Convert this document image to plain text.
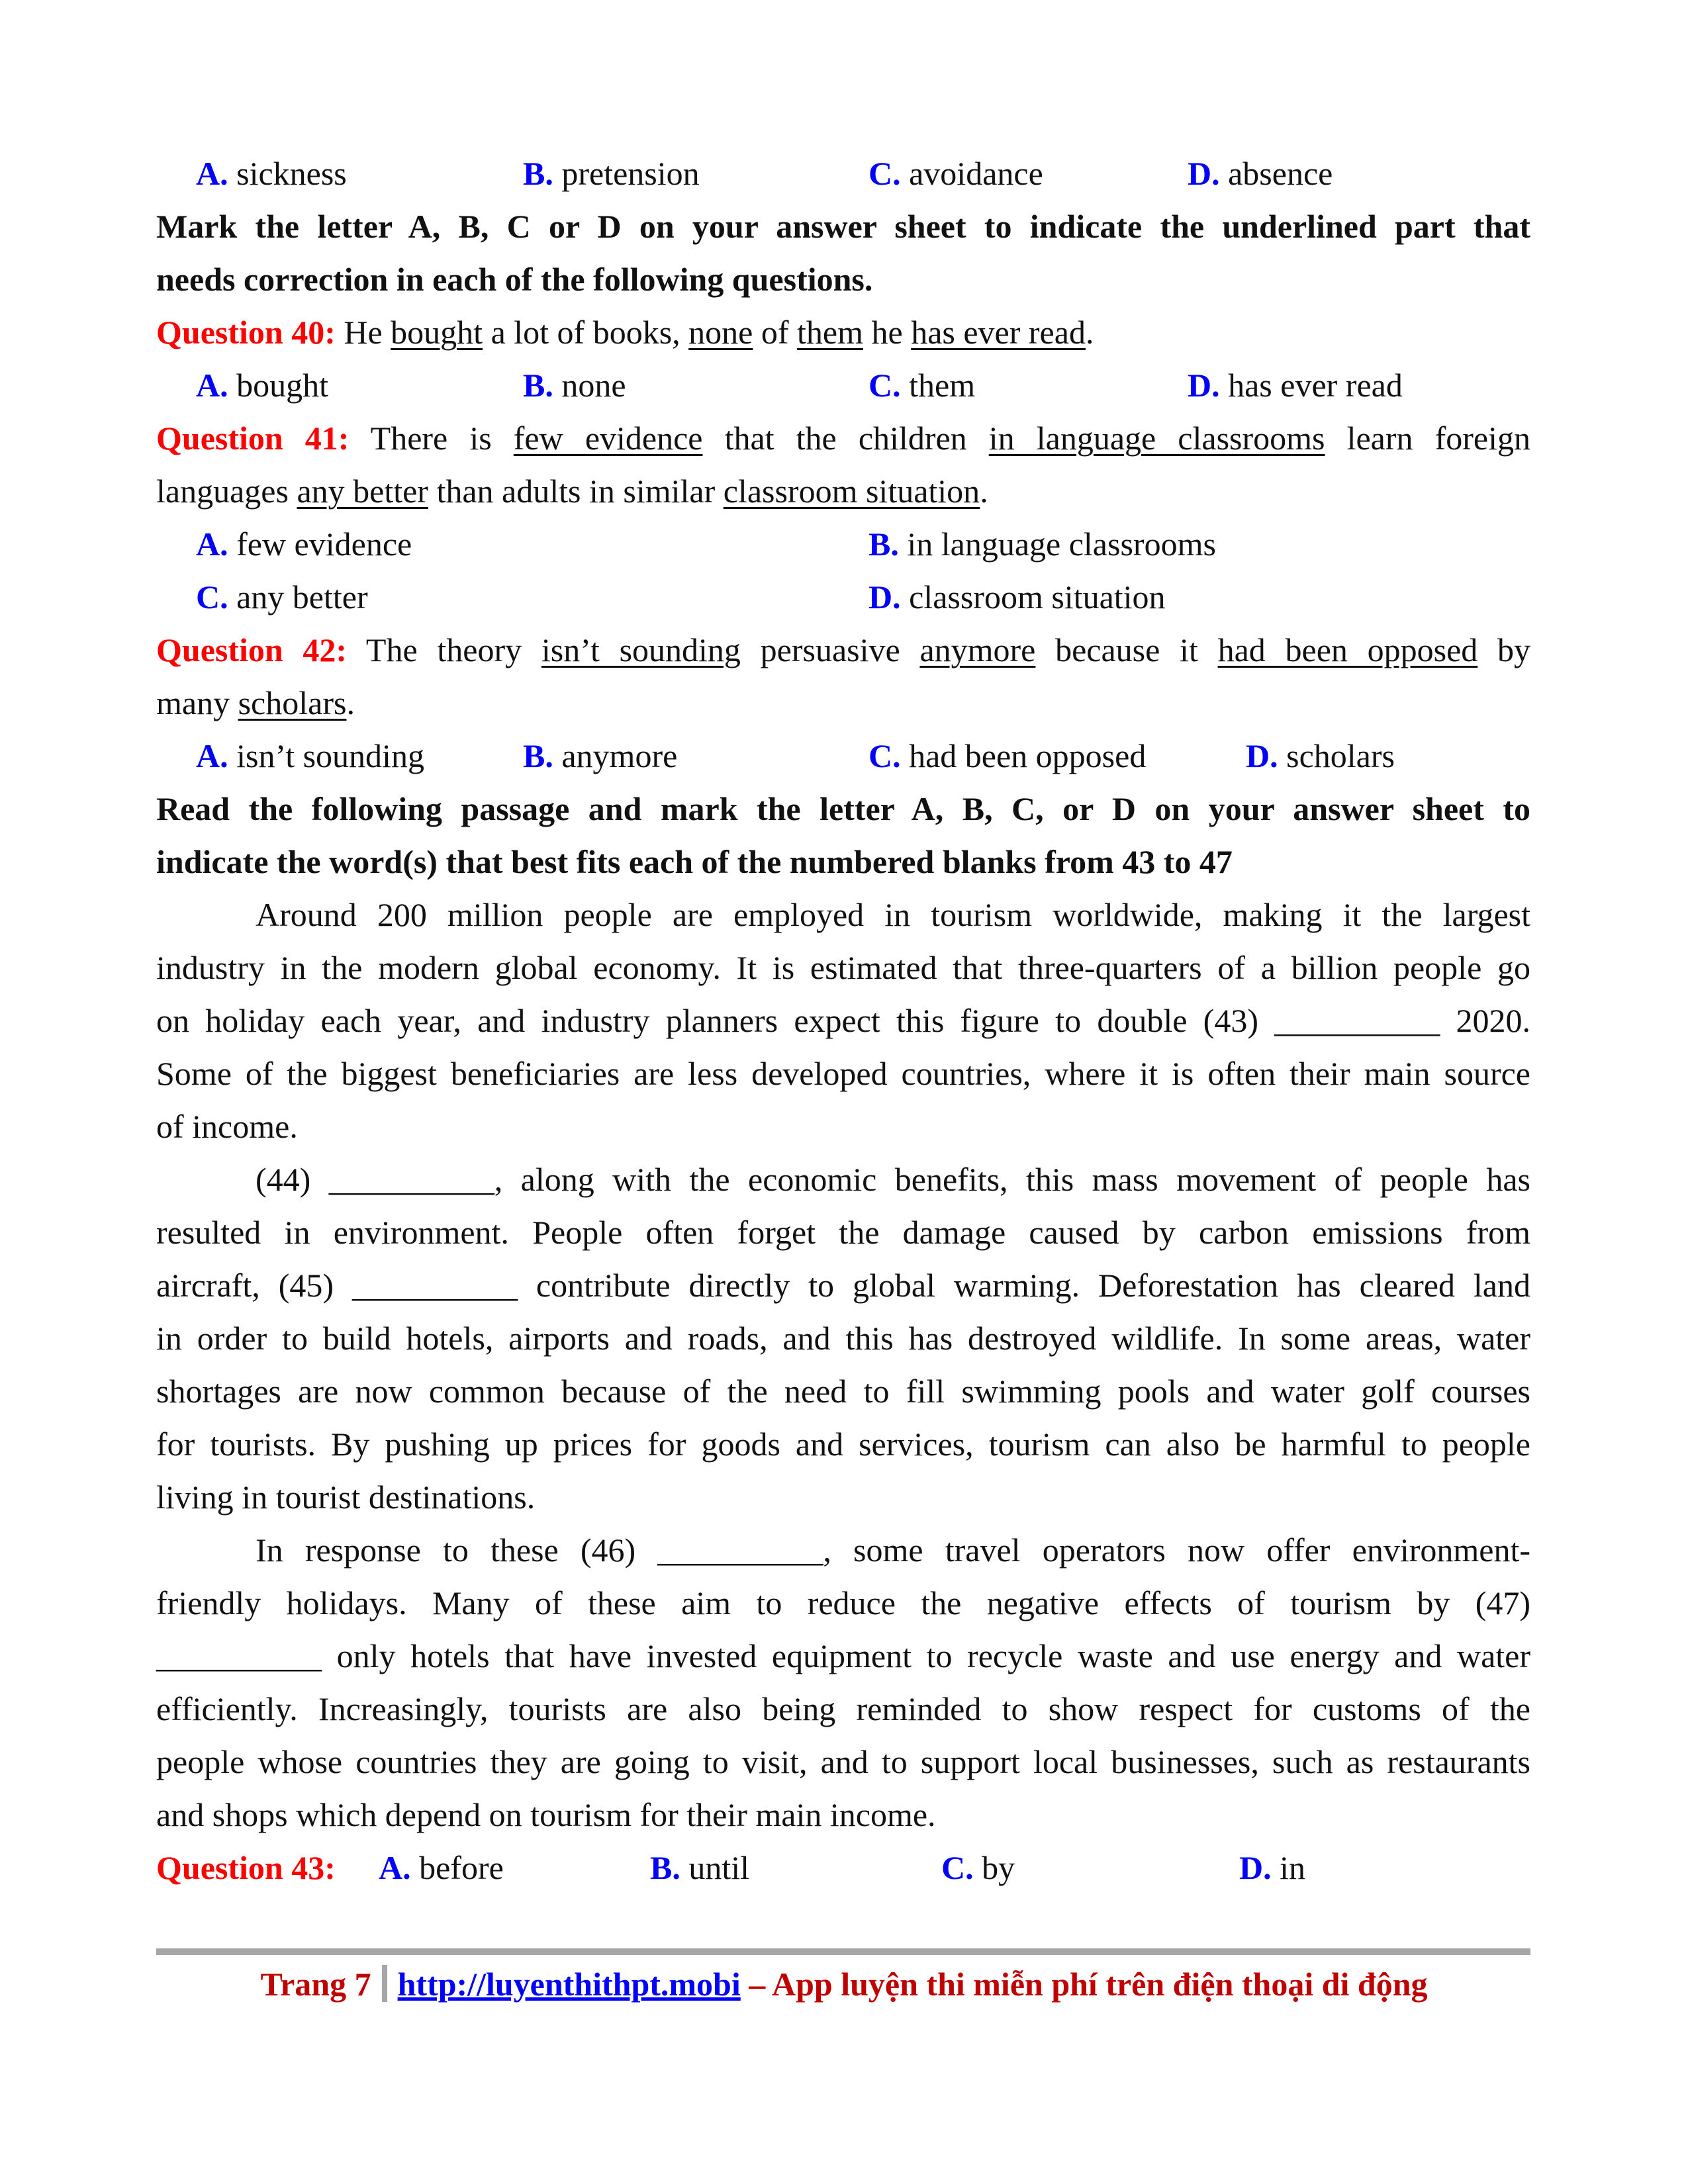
A. sickness	B. pretension	C. avoidance	D. absence
Mark the letter A, B, C or D on your answer sheet to indicate the underlined part that
needs correction in each of the following questions.
Question 40: He bought a lot of books, none of them he has ever read.
A. bought	B. none	C. them	D. has ever read
Question 41: There is few evidence that the children in language classrooms learn foreign
languages any better than adults in similar classroom situation.
A. few evidence	B. in language classrooms
C. any better	D. classroom situation
Question 42: The theory isn’t sounding persuasive anymore because it had been opposed by
many scholars.
A. isn’t sounding	B. anymore	C. had been opposed	D. scholars
Read the following passage and mark the letter A, B, C, or D on your answer sheet to
indicate the word(s) that best fits each of the numbered blanks from 43 to 47
Around 200 million people are employed in tourism worldwide, making it the largest
industry in the modern global economy. It is estimated that three-quarters of a billion people go
on holiday each year, and industry planners expect this figure to double (43) __________ 2020.
Some of the biggest beneficiaries are less developed countries, where it is often their main source
of income.
(44) __________, along with the economic benefits, this mass movement of people has
resulted in environment. People often forget the damage caused by carbon emissions from
aircraft, (45) __________ contribute directly to global warming. Deforestation has cleared land
in order to build hotels, airports and roads, and this has destroyed wildlife. In some areas, water
shortages are now common because of the need to fill swimming pools and water golf courses
for tourists. By pushing up prices for goods and services, tourism can also be harmful to people
living in tourist destinations.
In response to these (46) __________, some travel operators now offer environment-
friendly holidays. Many of these aim to reduce the negative effects of tourism by (47)
__________ only hotels that have invested equipment to recycle waste and use energy and water
efficiently. Increasingly, tourists are also being reminded to show respect for customs of the
people whose countries they are going to visit, and to support local businesses, such as restaurants
and shops which depend on tourism for their main income.
Question 43: A. before	B. until	C. by	D. in
Trang 7 http://luyenthithpt.mobi – App luyện thi miễn phí trên điện thoại di động
